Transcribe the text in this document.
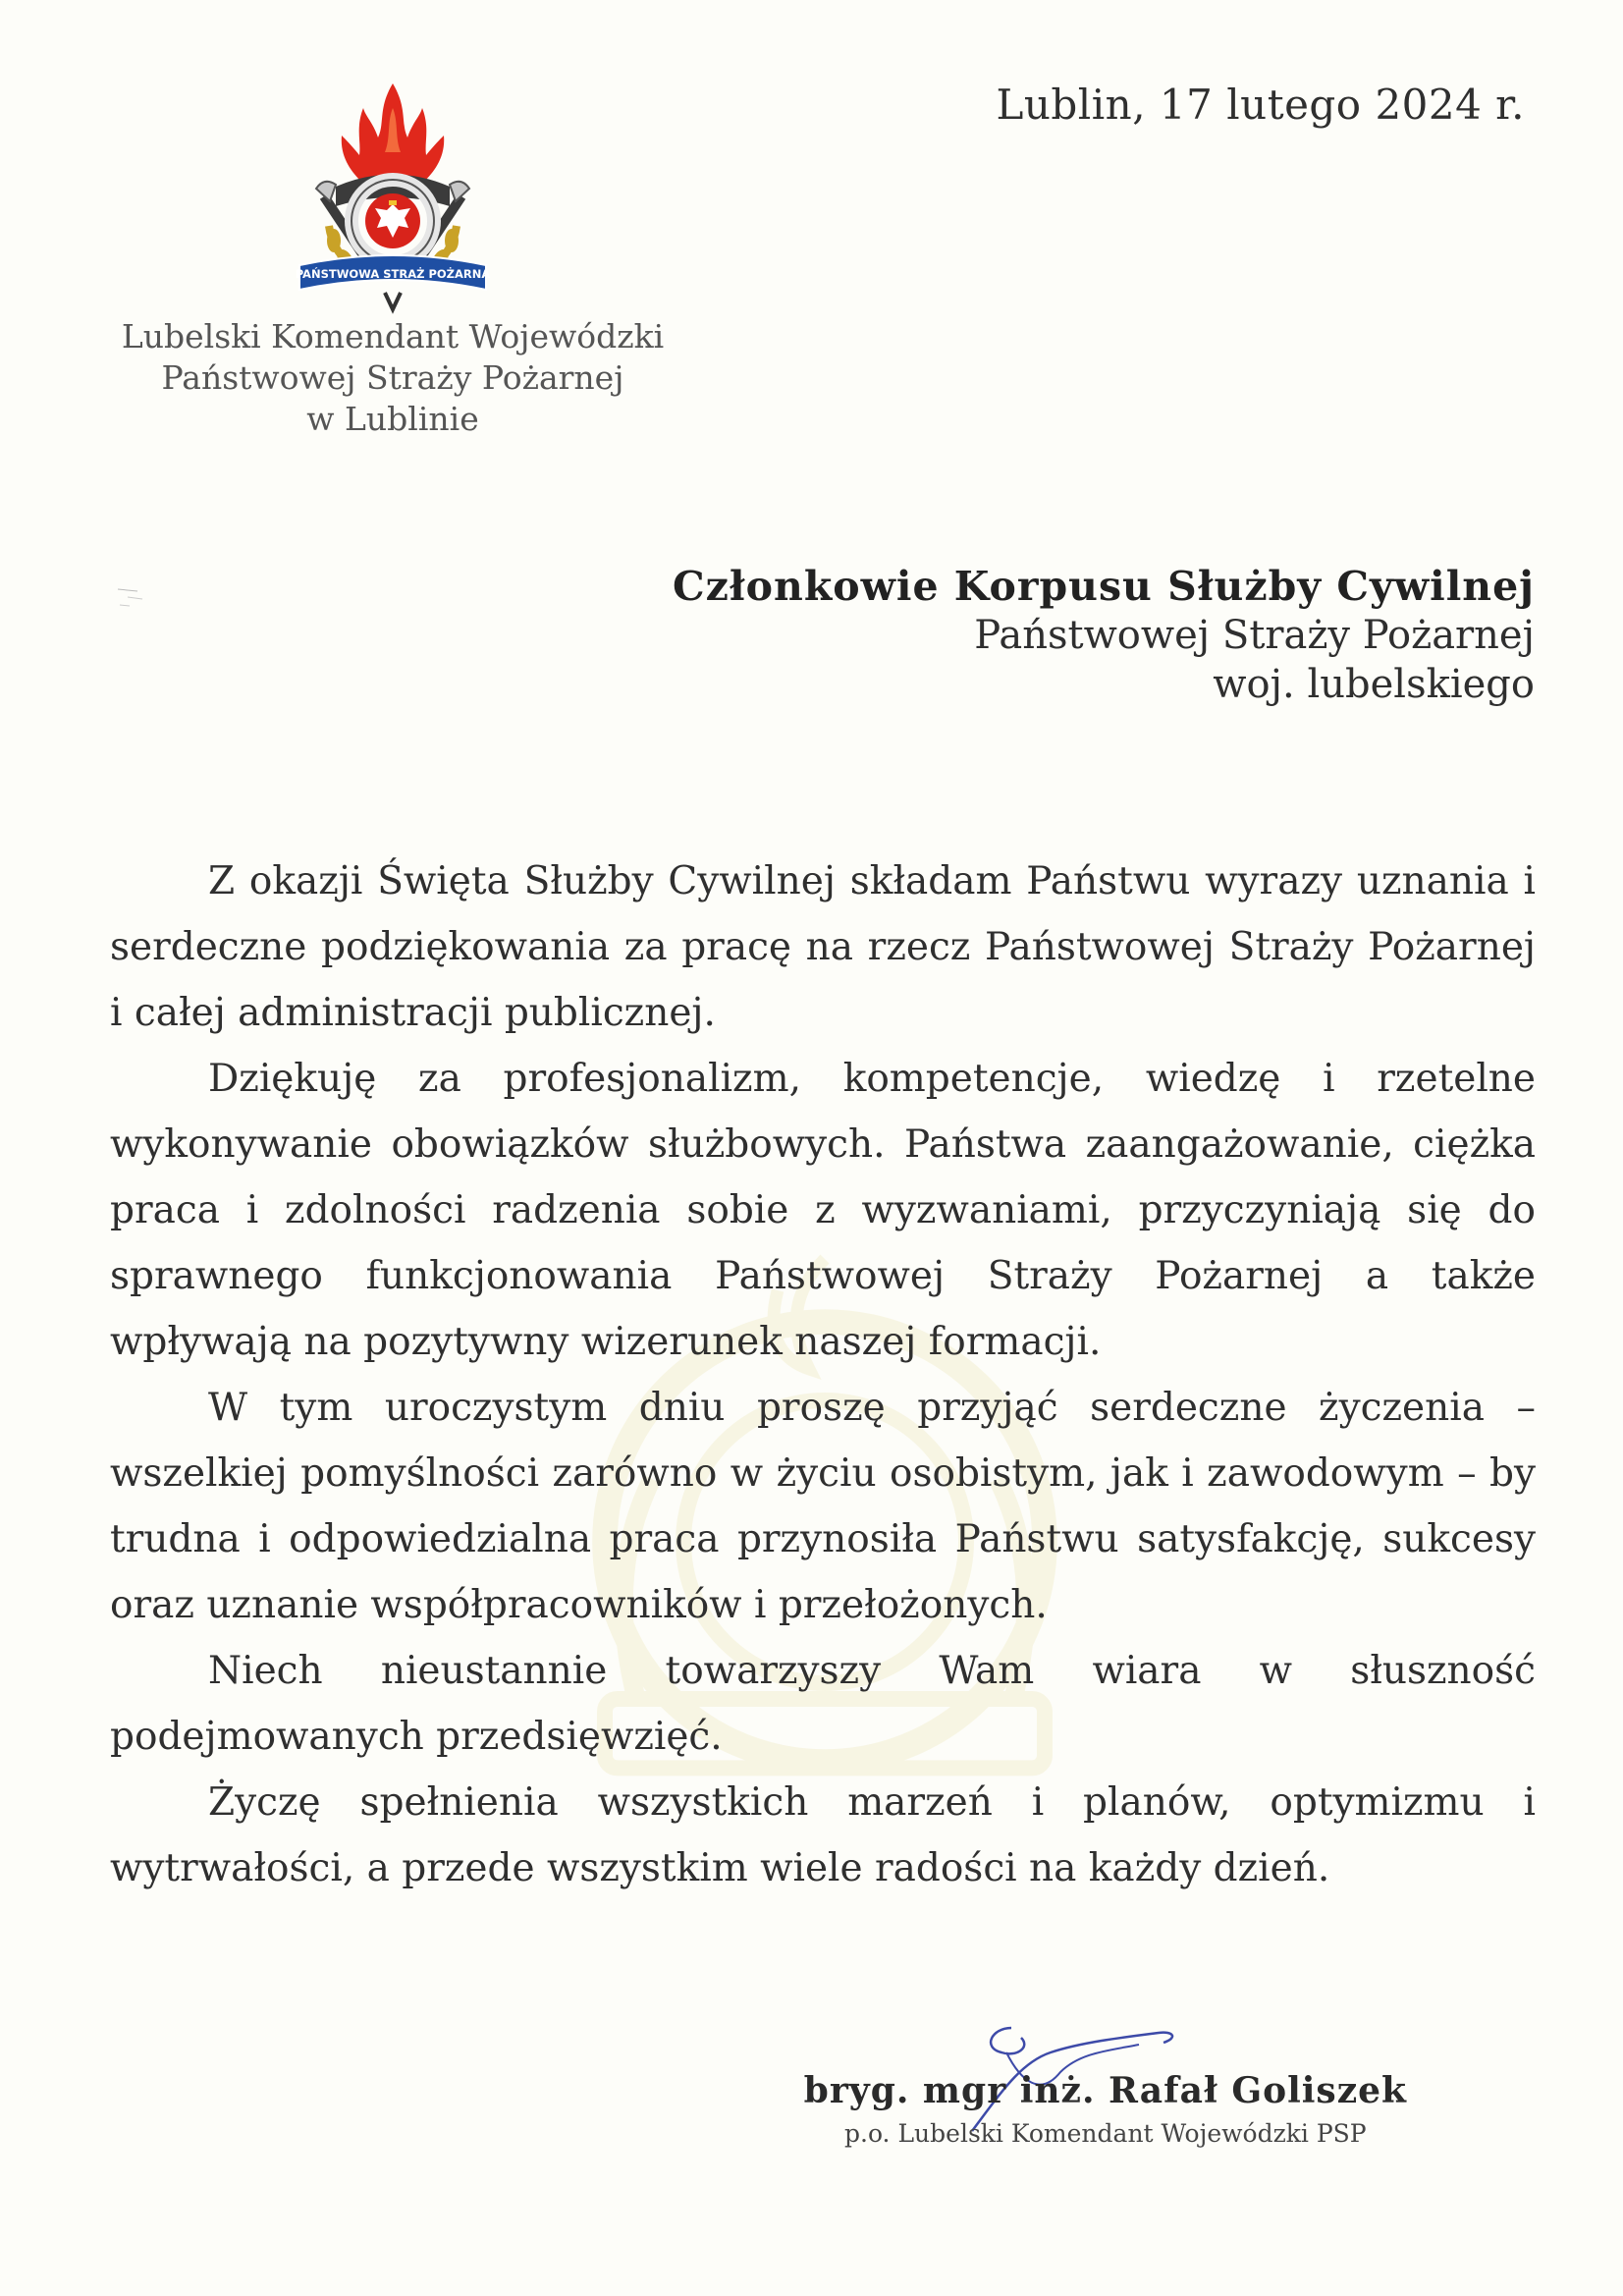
PAŃSTWOWA STRAŻ POŻARNA
Lublin, 17 lutego 2024 r.
Lubelski Komendant Wojewódzki
Państwowej Straży Pożarnej
w Lublinie
Członkowie Korpusu Służby Cywilnej
Państwowej Straży Pożarnej
woj. lubelskiego

Z okazji Święta Służby Cywilnej składam Państwu wyrazy uznania i serdeczne podziękowania za pracę na rzecz Państwowej Straży Pożarnej i całej administracji publicznej.

Dziękuję za profesjonalizm, kompetencje, wiedzę i rzetelne wykonywanie obowiązków służbowych. Państwa zaangażowanie, ciężka praca i zdolności radzenia sobie z wyzwaniami, przyczyniają się do sprawnego funkcjonowania Państwowej Straży Pożarnej a także wpływają na pozytywny wizerunek naszej formacji.

W tym uroczystym dniu proszę przyjąć serdeczne życzenia – wszelkiej pomyślności zarówno w życiu osobistym, jak i zawodowym – by trudna i odpowiedzialna praca przynosiła Państwu satysfakcję, sukcesy oraz uznanie współpracowników i przełożonych.

Niech nieustannie towarzyszy Wam wiara w słuszność podejmowanych przedsięwzięć.

Życzę spełnienia wszystkich marzeń i planów, optymizmu i wytrwałości, a przede wszystkim wiele radości na każdy dzień.

bryg. mgr inż. Rafał Goliszek
p.o. Lubelski Komendant Wojewódzki PSP
